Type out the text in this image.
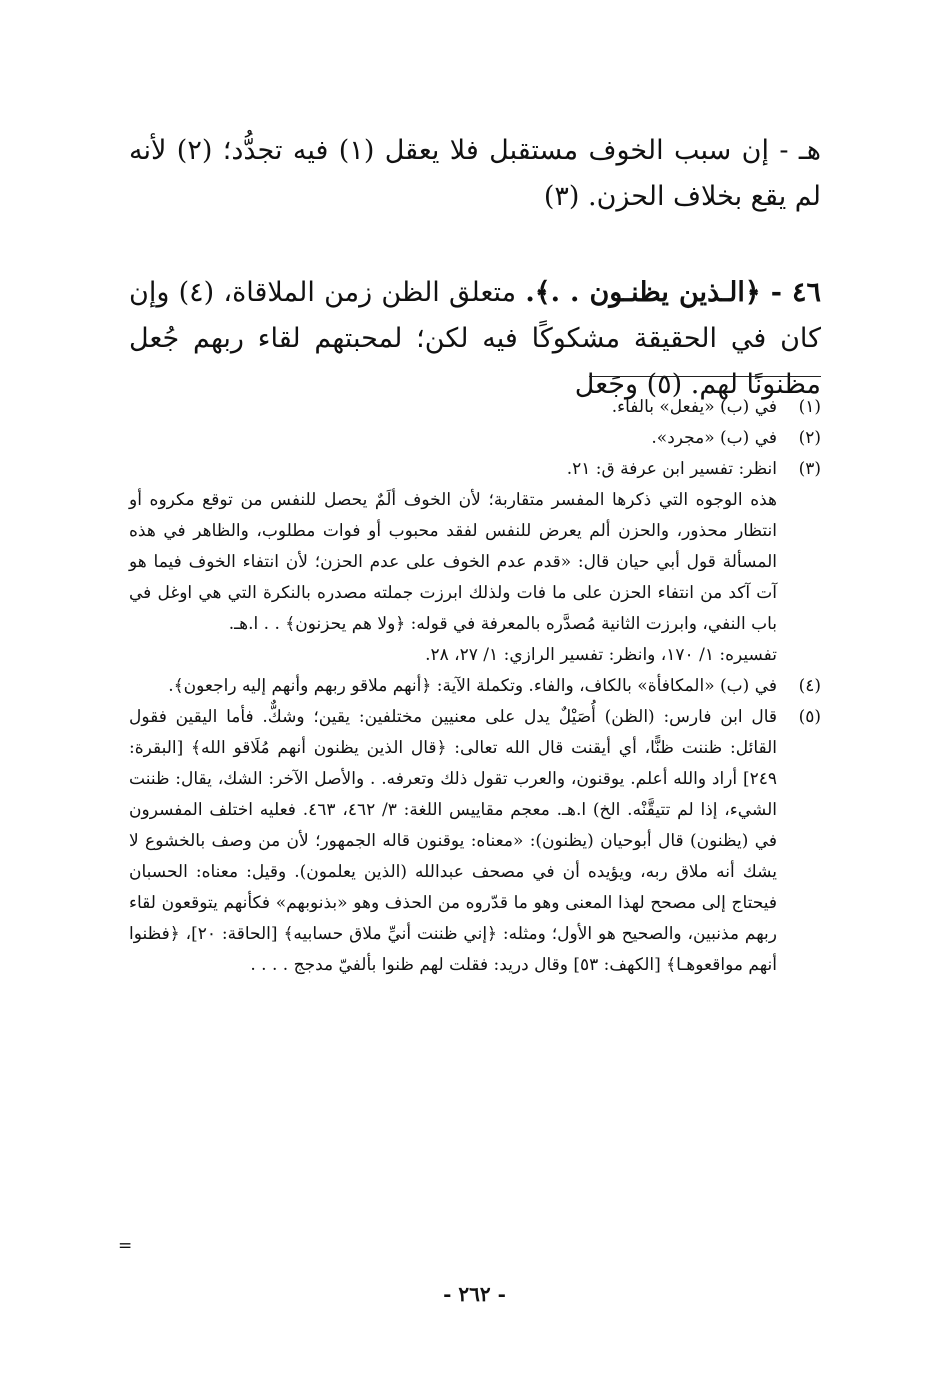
هـ - إن سبب الخوف مستقبل فلا يعقل (١) فيه تجدُّد؛ (٢) لأنه لم يقع بخلاف الحزن. (٣)

٤٦ - ﴿الـذين يظنـون . .﴾. متعلق الظن زمن الملاقاة، (٤) وإن كان في الحقيقة مشكوكًا فيه لكن؛ لمحبتهم لقاء ربهم جُعل مظنونًا لهم. (٥) وجَعل

(١)

في (ب) «يفعل» بالفاء.

(٢)

في (ب) «مجرد».

(٣)

انظر: تفسير ابن عرفة ق: ٢١.

هذه الوجوه التي ذكرها المفسر متقاربة؛ لأن الخوف ألَمٌ يحصل للنفس من توقع مكروه أو انتظار محذور، والحزن ألم يعرض للنفس لفقد محبوب أو فوات مطلوب، والظاهر في هذه المسألة قول أبي حيان قال: «قدم عدم الخوف على عدم الحزن؛ لأن انتفاء الخوف فيما هو آت آكد من انتفاء الحزن على ما فات ولذلك ابرزت جملته مصدره بالنكرة التي هي اوغل في باب النفي، وابرزت الثانية مُصدَّره بالمعرفة في قوله: ﴿ولا هم يحزنون﴾ . . ا.هـ.

تفسيره: ١/ ١٧٠، وانظر: تفسير الرازي: ١/ ٢٧، ٢٨.

(٤)

في (ب) «المكافأة» بالكاف، والفاء. وتكملة الآية: ﴿أنهم ملاقو ربهم وأنهم إليه راجعون﴾.

(٥)

قال ابن فارس: (الظن) أُصَيْلٌ يدل على معنيين مختلفين: يقين؛ وشكٌّ. فأما اليقين فقول القائل: ظننت ظنًّا، أي أيقنت قال الله تعالى: ﴿قال الذين يظنون أنهم مُلَاقو الله﴾ [البقرة: ٢٤٩] أراد والله أعلم. يوقنون، والعرب تقول ذلك وتعرفه. . والأصل الآخر: الشك، يقال: ظننت الشيء، إذا لم تتيقَّنْه. الخ) ا.هـ. معجم مقاييس اللغة: ٣/ ٤٦٢، ٤٦٣. فعليه اختلف المفسرون في (يظنون) قال أبوحيان (يظنون): «معناه: يوقنون قاله الجمهور؛ لأن من وصف بالخشوع لا يشك أنه ملاق ربه، ويؤيده أن في مصحف عبدالله (الذين يعلمون). وقيل: معناه: الحسبان فيحتاج إلى مصحح لهذا المعنى وهو ما قدّروه من الحذف وهو «بذنوبهم» فكأنهم يتوقعون لقاء ربهم مذنبين، والصحيح هو الأول؛ ومثله: ﴿إني ظننت أنيِّ ملاق حسابيه﴾ [الحاقة: ٢٠]، ﴿فظنوا أنهم مواقعوهـا﴾ [الكهف: ٥٣] وقال دريد: فقلت لهم ظنوا بألفيّ مدجج . . . .

=
- ٢٦٢ -
